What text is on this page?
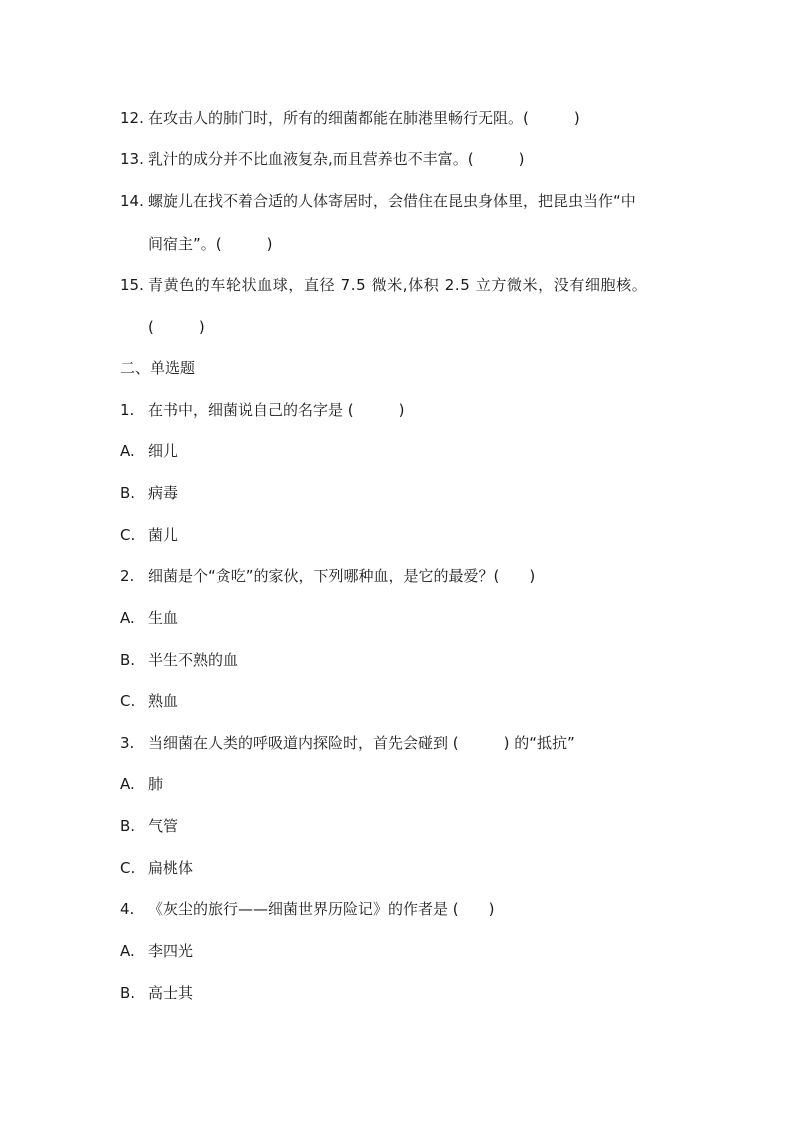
12. 在攻击人的肺门时，所有的细菌都能在肺港里畅行无阻。(　　　)
13. 乳汁的成分并不比血液复杂,而且营养也不丰富。(　　　)
14. 螺旋儿在找不着合适的人体寄居时，会借住在昆虫身体里，把昆虫当作“中
间宿主”。(　　　)
15. 青黄色的车轮状血球，直径 7.5 微米,体积 2.5 立方微米，没有细胞核。
(　　　)
二、单选题
1. 在书中，细菌说自己的名字是 (　　　)
A. 细儿
B. 病毒
C. 菌儿
2. 细菌是个“贪吃”的家伙，下列哪种血，是它的最爱？(　　)
A. 生血
B. 半生不熟的血
C. 熟血
3. 当细菌在人类的呼吸道内探险时，首先会碰到 (　　　) 的“抵抗”
A. 肺
B. 气管
C. 扁桃体
4. 《灰尘的旅行——细菌世界历险记》的作者是 (　　)
A. 李四光
B. 高士其
